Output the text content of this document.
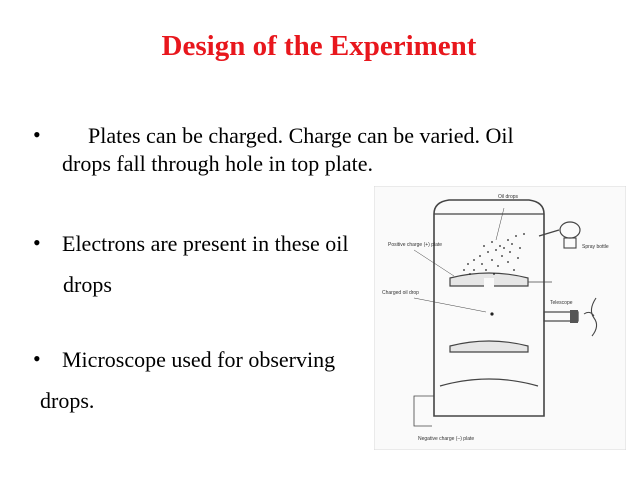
Design of the Experiment
• Plates can be charged. Charge can be varied. Oil
drops fall through hole in top plate.
• Electrons are present in these oil
drops
• Microscope used for observing
drops.
Oil drops
Positive charge (+) plate	Spray bottle
Telescope
Charged oil drop
Negative charge (–) plate
